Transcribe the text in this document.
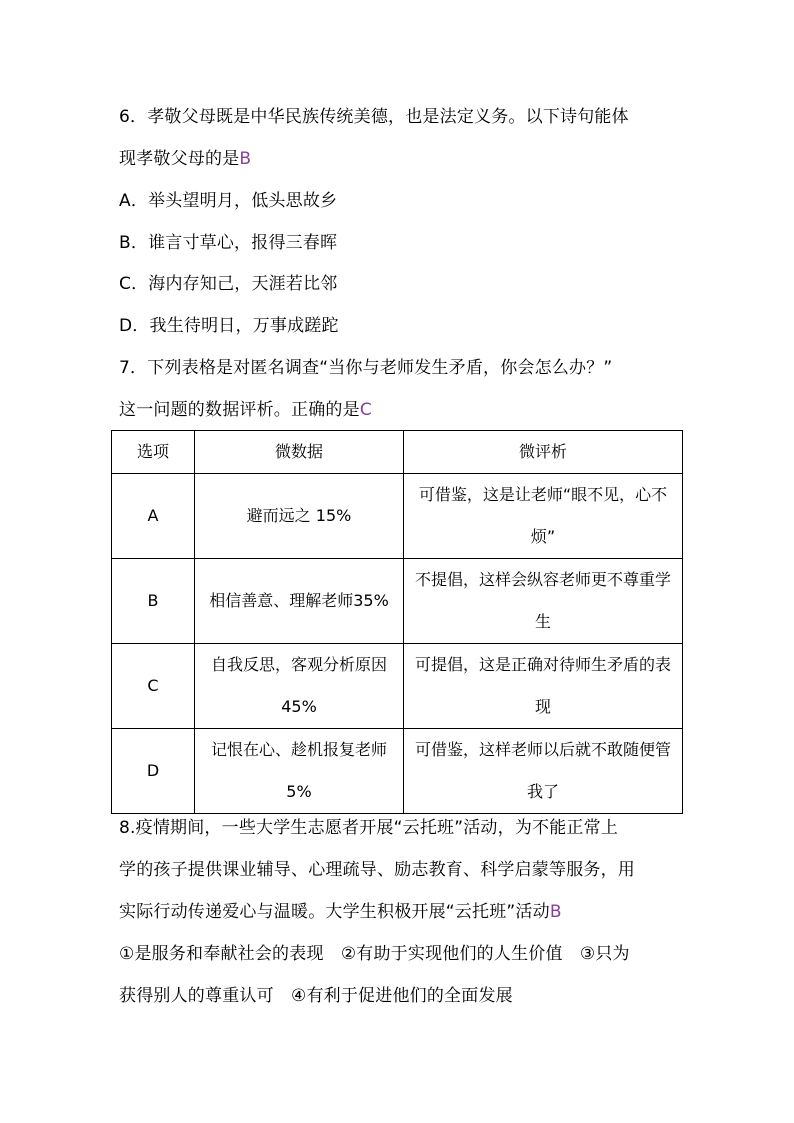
6．孝敬父母既是中华民族传统美德，也是法定义务。以下诗句能体
现孝敬父母的是B
A．举头望明月，低头思故乡
B．谁言寸草心，报得三春晖
C．海内存知己，天涯若比邻
D．我生待明日，万事成蹉跎
7．下列表格是对匿名调查“当你与老师发生矛盾，你会怎么办？”
这一问题的数据评析。正确的是C
选项	微数据	微评析
A	避而远之 15%	可借鉴，这是让老师“眼不见，心不烦”
B	相信善意、理解老师35%	不提倡，这样会纵容老师更不尊重学生
C	自我反思，客观分析原因 45%	可提倡，这是正确对待师生矛盾的表现
D	记恨在心、趁机报复老师 5%	可借鉴，这样老师以后就不敢随便管我了
8.疫情期间，一些大学生志愿者开展“云托班”活动，为不能正常上
学的孩子提供课业辅导、心理疏导、励志教育、科学启蒙等服务，用
实际行动传递爱心与温暖。大学生积极开展“云托班”活动B
①是服务和奉献社会的表现　②有助于实现他们的人生价值　③只为
获得别人的尊重认可　④有利于促进他们的全面发展
